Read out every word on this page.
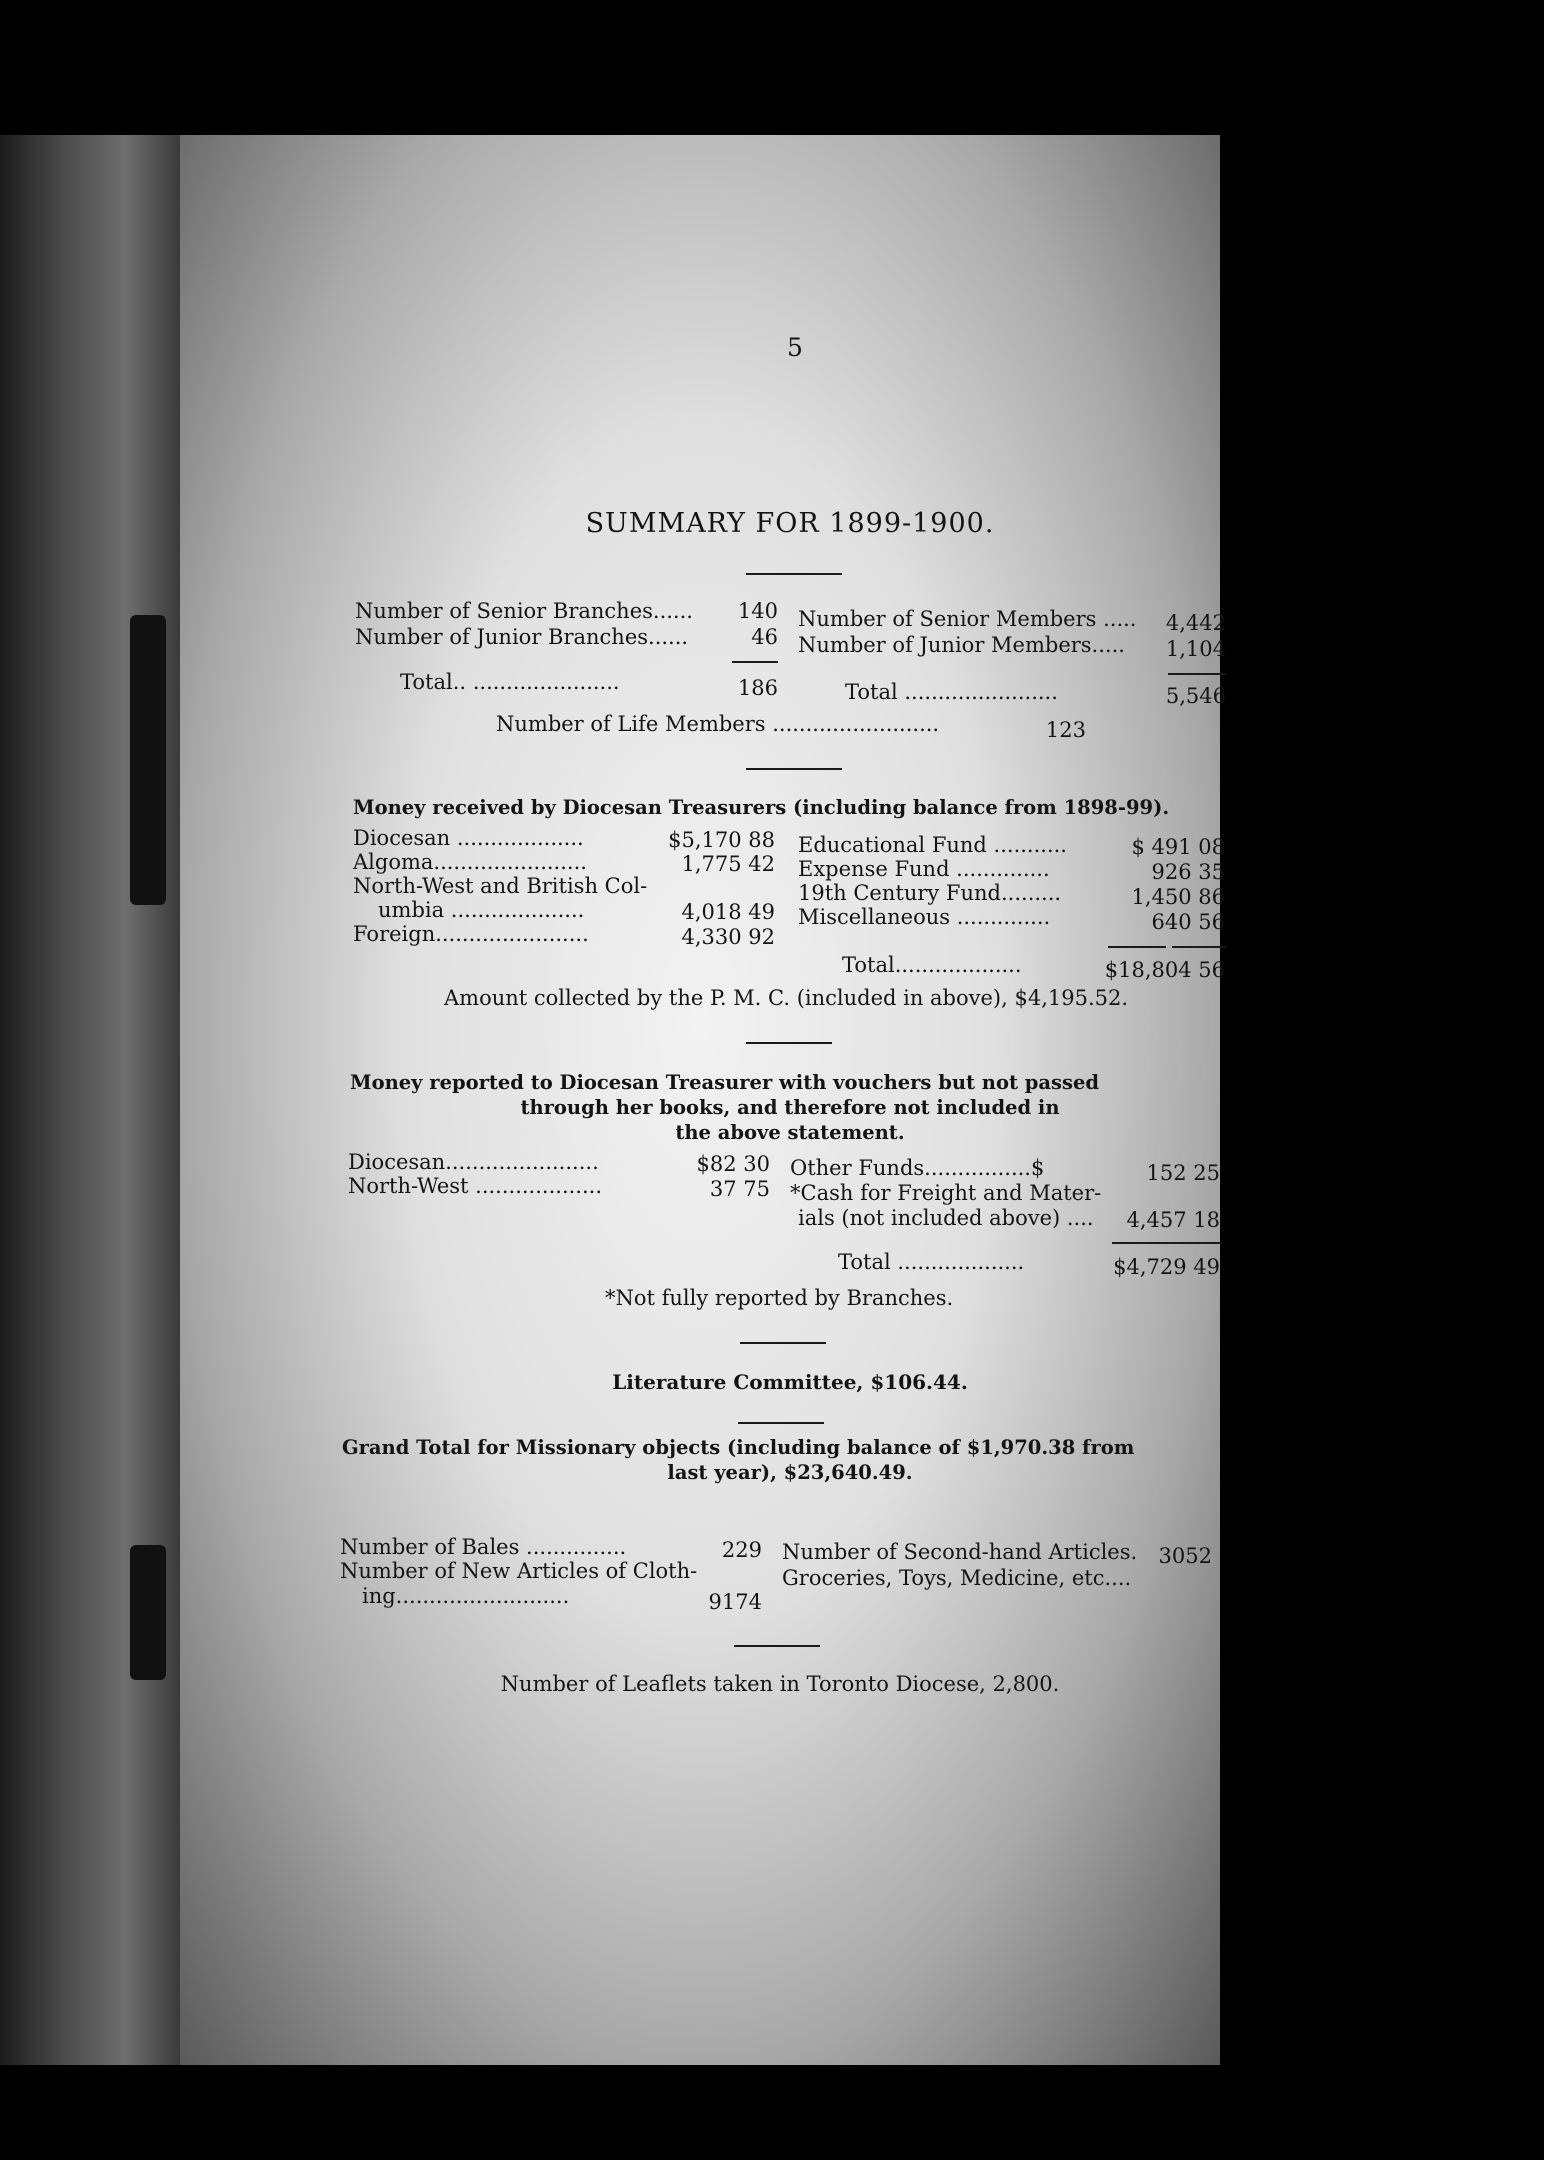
5
SUMMARY FOR 1899-1900.
Number of Senior Branches......	140
Number of Junior Branches......	46
Total.. ......................	186
Number of Senior Members .....	4,442
Number of Junior Members.....	1,104
Total .......................	5,546
Number of Life Members .........................	123
Money received by Diocesan Treasurers (including balance from 1898-99).
Diocesan ...................	$5,170 88
Algoma.......................	1,775 42
North-West and British Col-
umbia ....................	4,018 49
Foreign.......................	4,330 92
Educational Fund ...........	$ 491 08
Expense Fund ..............	926 35
19th Century Fund.........	1,450 86
Miscellaneous ..............	640 56
Total...................	$18,804 56
Amount collected by the P. M. C. (included in above), $4,195.52.
Money reported to Diocesan Treasurer with vouchers but not passed
through her books, and therefore not included in
the above statement.
Diocesan.......................	$82 30
North-West ...................	37 75
Other Funds................$	152 25
*Cash for Freight and Mater-
ials (not included above) ....	4,457 18
Total ...................	$4,729 49
*Not fully reported by Branches.
Literature Committee, $106.44.
Grand Total for Missionary objects (including balance of $1,970.38 from
last year), $23,640.49.
Number of Bales ...............	229
Number of New Articles of Cloth-
ing..........................	9174
Number of Second-hand Articles.	3052
Groceries, Toys, Medicine, etc....
Number of Leaflets taken in Toronto Diocese, 2,800.
